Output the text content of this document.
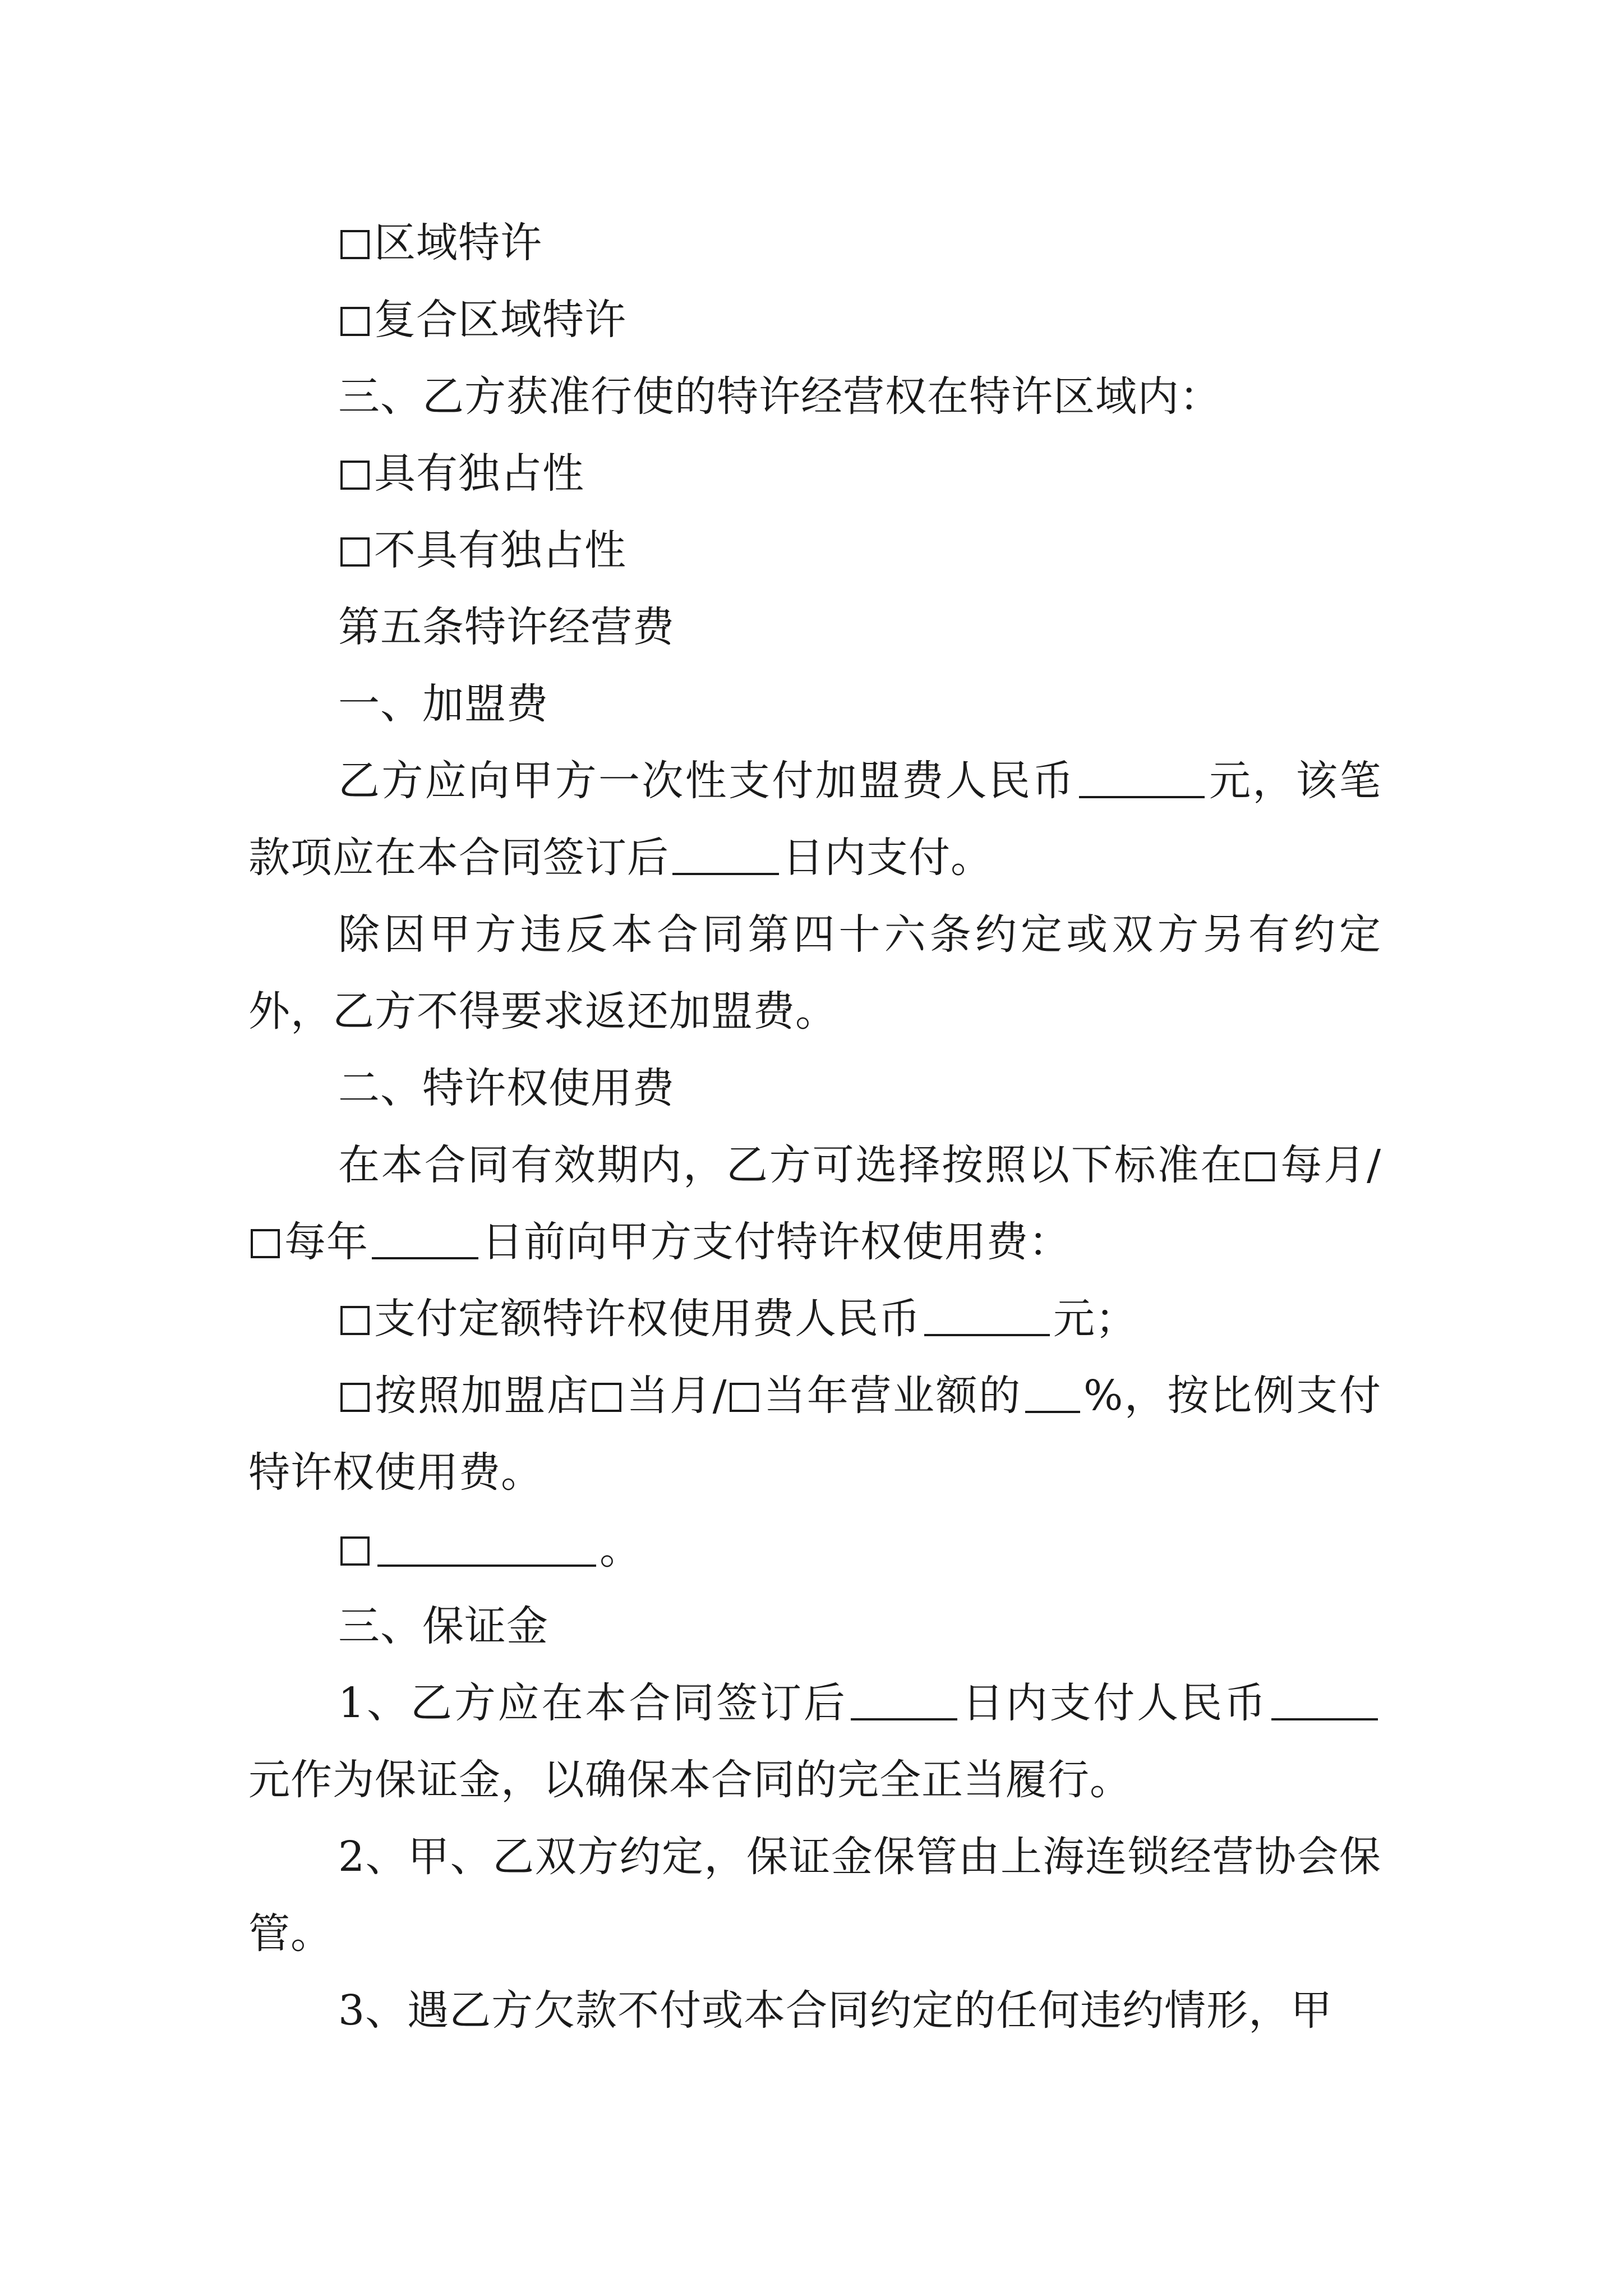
区域特许

复合区域特许

三、乙方获准行使的特许经营权在特许区域内：

具有独占性

不具有独占性

第五条特许经营费

一、加盟费

乙方应向甲方一次性支付加盟费人民币	元，该笔款项应在本合同签订后	日内支付。

除因甲方违反本合同第四十六条约定或双方另有约定外，乙方不得要求返还加盟费。

二、特许权使用费

在本合同有效期内，乙方可选择按照以下标准在 每月/每年	日前向甲方支付特许权使用费：

支付定额特许权使用费人民币	元；

按照加盟店 当月/ 当年营业额的 %，按比例支付特许权使用费。

。

三、保证金

1、乙方应在本合同签订后	日内支付人民币元作为保证金，以确保本合同的完全正当履行。

2、甲、乙双方约定，保证金保管由上海连锁经营协会保管。

3、遇乙方欠款不付或本合同约定的任何违约情形，甲
